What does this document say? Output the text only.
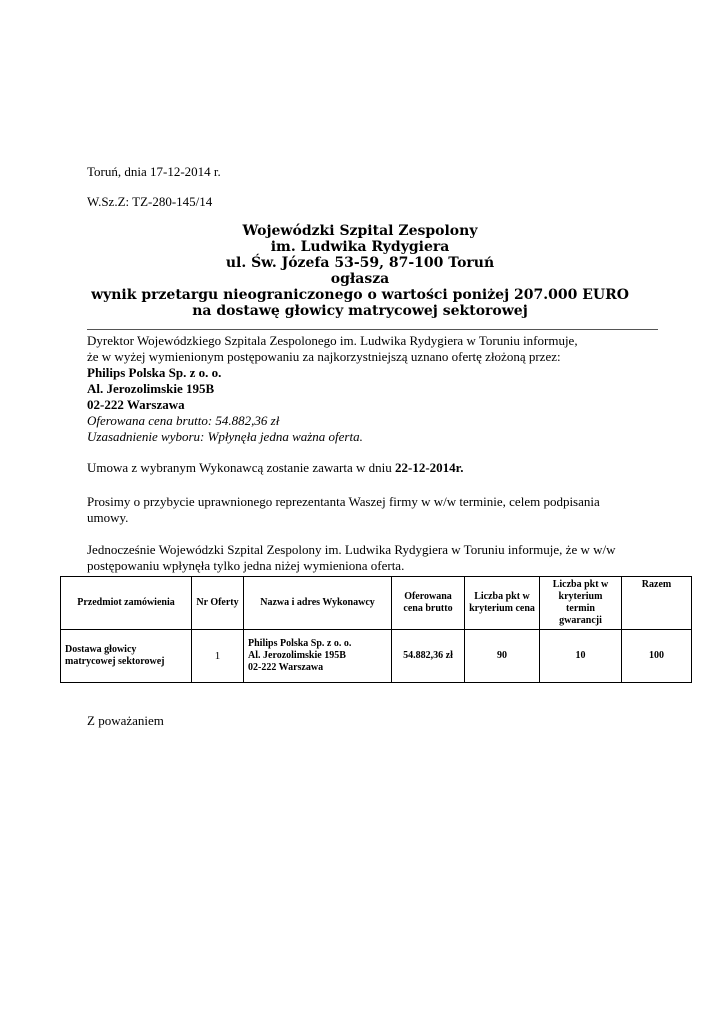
Toruń, dnia 17-12-2014 r.
W.Sz.Z: TZ-280-145/14
Wojewódzki Szpital Zespolony
im. Ludwika Rydygiera
ul. Św. Józefa 53-59, 87-100 Toruń
ogłasza
wynik przetargu nieograniczonego o wartości poniżej 207.000 EURO
na dostawę głowicy matrycowej sektorowej
Dyrektor Wojewódzkiego Szpitala Zespolonego im. Ludwika Rydygiera w Toruniu informuje,
że w wyżej wymienionym postępowaniu za najkorzystniejszą uznano ofertę złożoną przez:
Philips Polska Sp. z o. o.
Al. Jerozolimskie 195B
02-222 Warszawa
Oferowana cena brutto: 54.882,36 zł
Uzasadnienie wyboru: Wpłynęła jedna ważna oferta.
Umowa z wybranym Wykonawcą zostanie zawarta w dniu 22-12-2014r.
Prosimy o przybycie uprawnionego reprezentanta Waszej firmy w w/w terminie, celem podpisania
umowy.
Jednocześnie Wojewódzki Szpital Zespolony im. Ludwika Rydygiera w Toruniu informuje, że w w/w
postępowaniu wpłynęła tylko jedna niżej wymieniona oferta.
Przedmiot zamówienia	Nr Oferty	Nazwa i adres Wykonawcy	Oferowana cena brutto	Liczba pkt w kryterium cena	Liczba pkt w kryterium termin gwarancji	Razem
Dostawa głowicy matrycowej sektorowej	1	Philips Polska Sp. z o. o.
Al. Jerozolimskie 195B
02-222 Warszawa	54.882,36 zł	90	10	100
Z poważaniem
